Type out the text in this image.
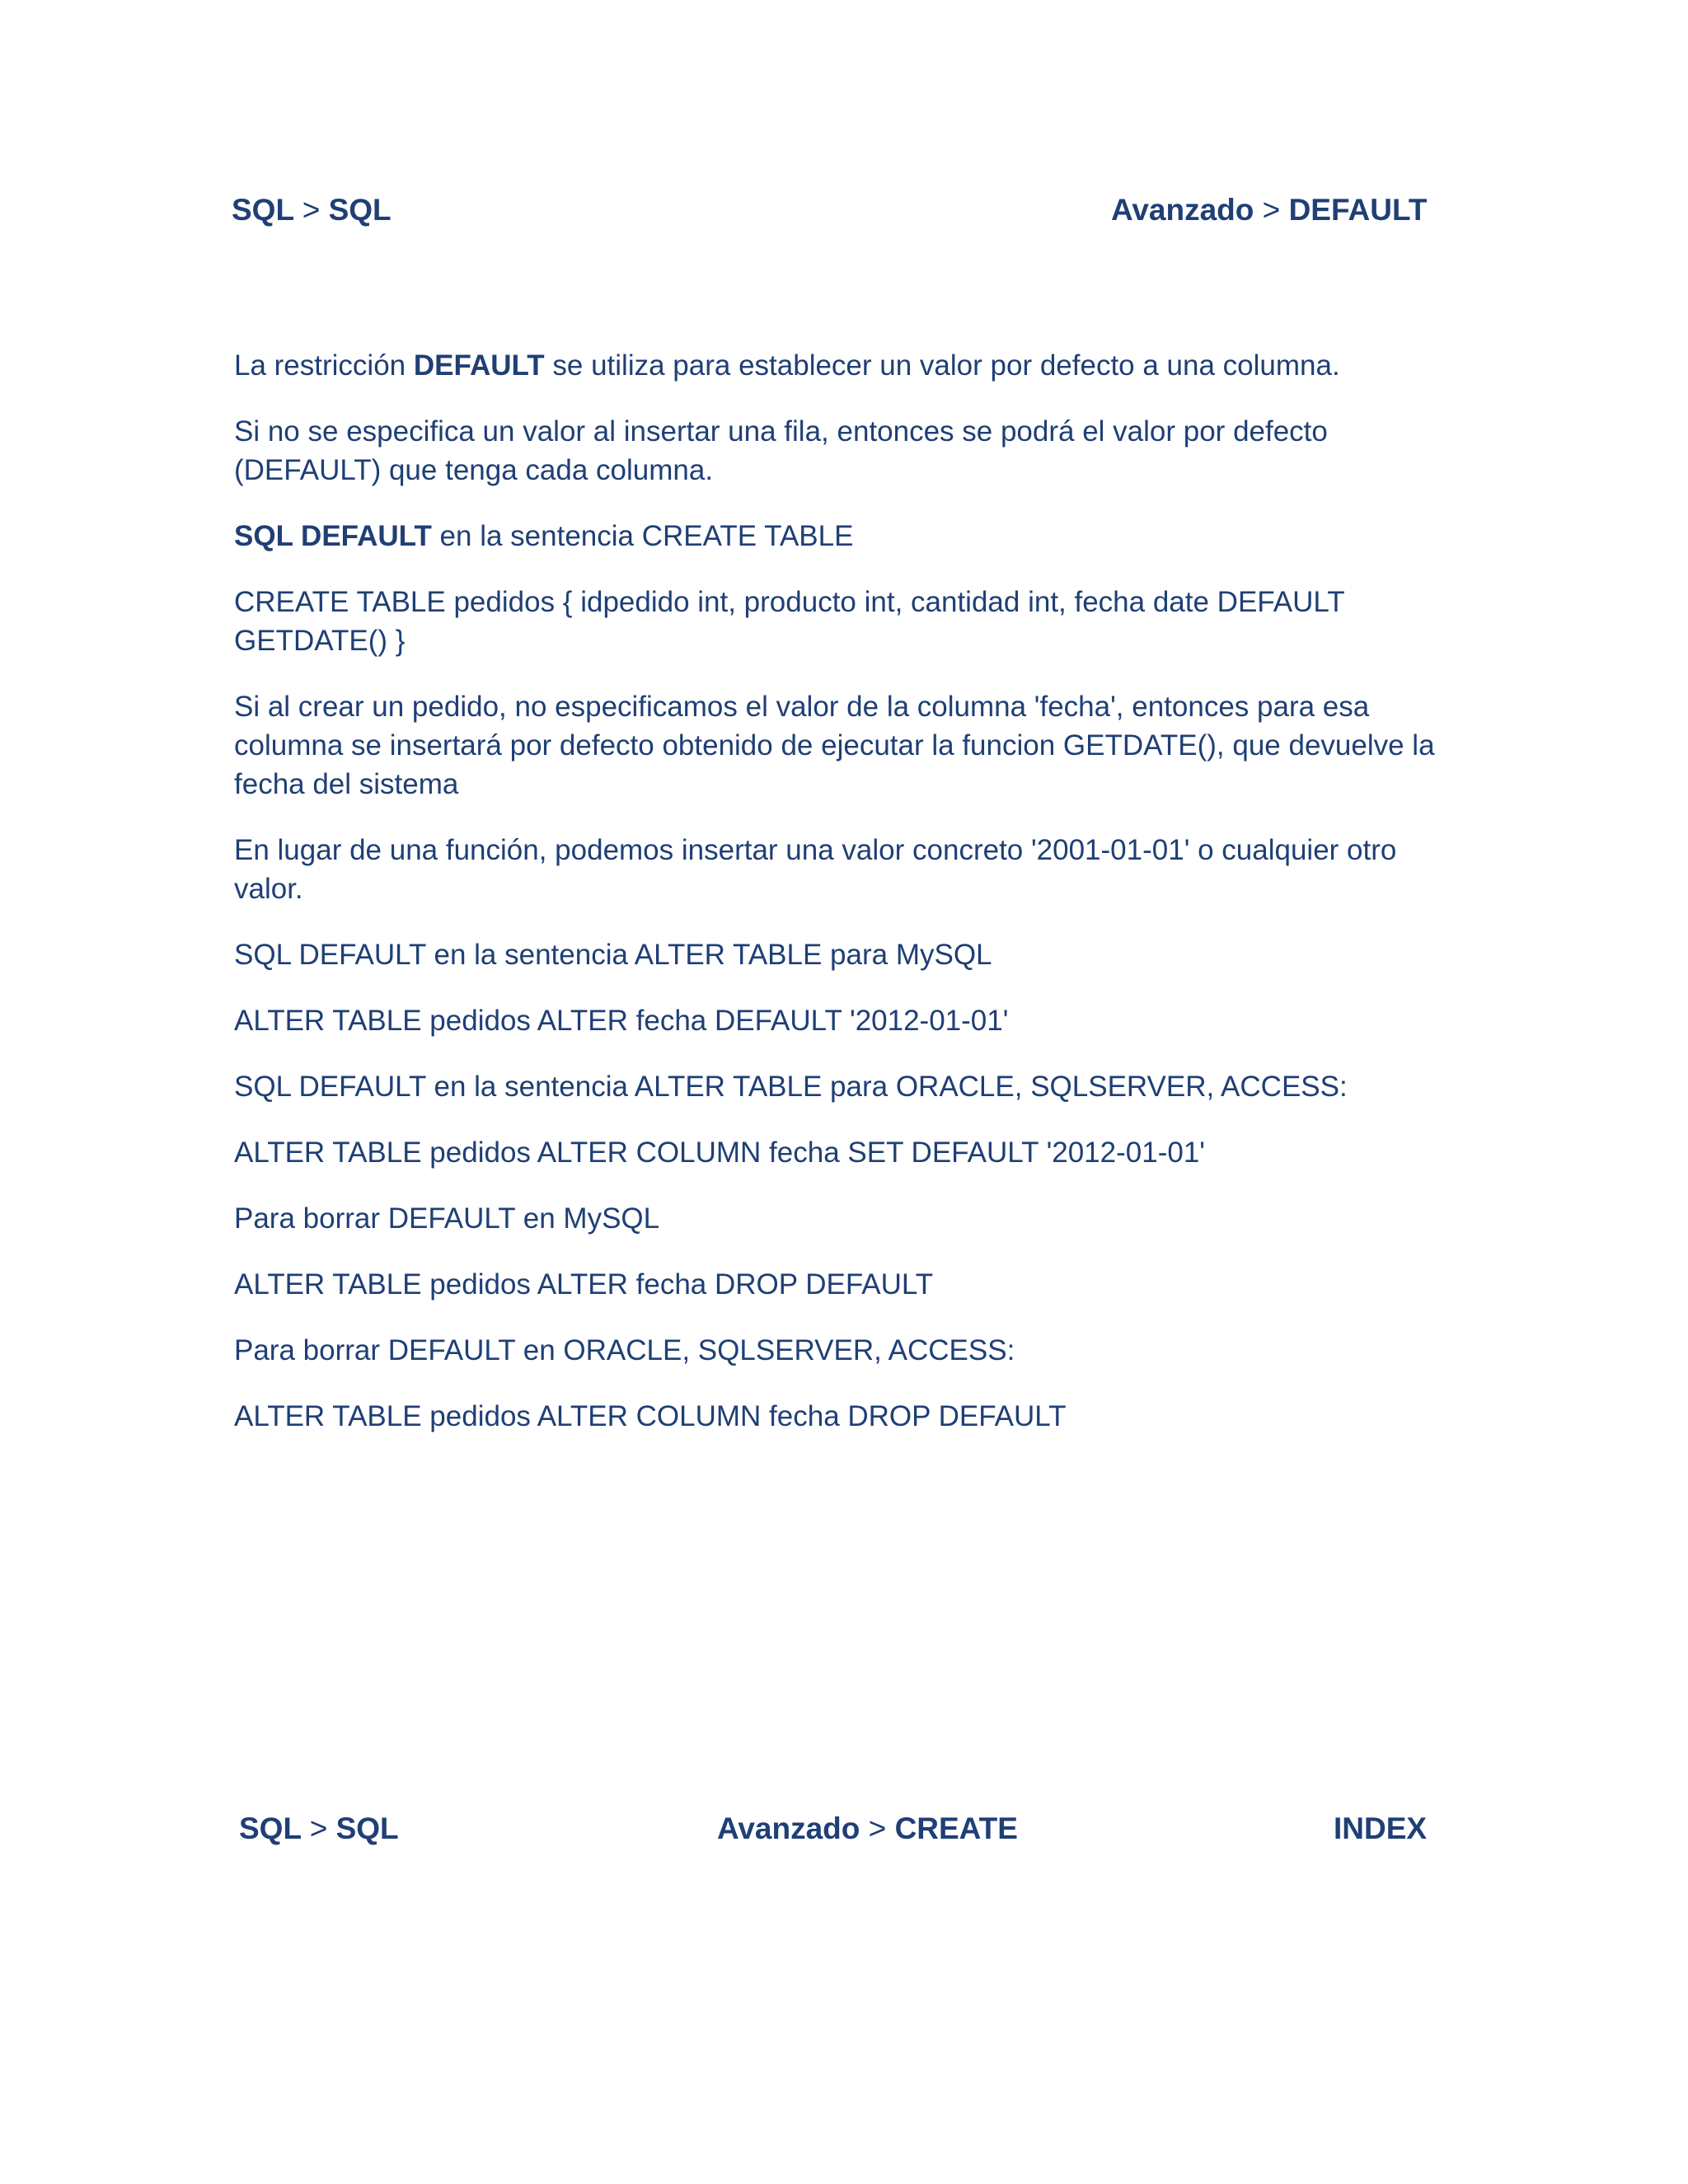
SQL > SQL	Avanzado > DEFAULT

La restricción DEFAULT se utiliza para establecer un valor por defecto a una columna.

Si no se especifica un valor al insertar una fila, entonces se podrá el valor por defecto (DEFAULT) que tenga cada columna.

SQL DEFAULT en la sentencia CREATE TABLE

CREATE TABLE pedidos { idpedido int, producto int, cantidad int, fecha date DEFAULT GETDATE() }

Si al crear un pedido, no especificamos el valor de la columna 'fecha', entonces para esa columna se insertará por defecto obtenido de ejecutar la funcion GETDATE(), que devuelve la fecha del sistema

En lugar de una función, podemos insertar una valor concreto '2001-01-01' o cualquier otro valor.

SQL DEFAULT en la sentencia ALTER TABLE para MySQL

ALTER TABLE pedidos ALTER fecha DEFAULT '2012-01-01'

SQL DEFAULT en la sentencia ALTER TABLE para ORACLE, SQLSERVER, ACCESS:

ALTER TABLE pedidos ALTER COLUMN fecha SET DEFAULT '2012-01-01'

Para borrar DEFAULT en MySQL

ALTER TABLE pedidos ALTER fecha DROP DEFAULT

Para borrar DEFAULT en ORACLE, SQLSERVER, ACCESS:

ALTER TABLE pedidos ALTER COLUMN fecha DROP DEFAULT

SQL > SQL	Avanzado > CREATE	INDEX
